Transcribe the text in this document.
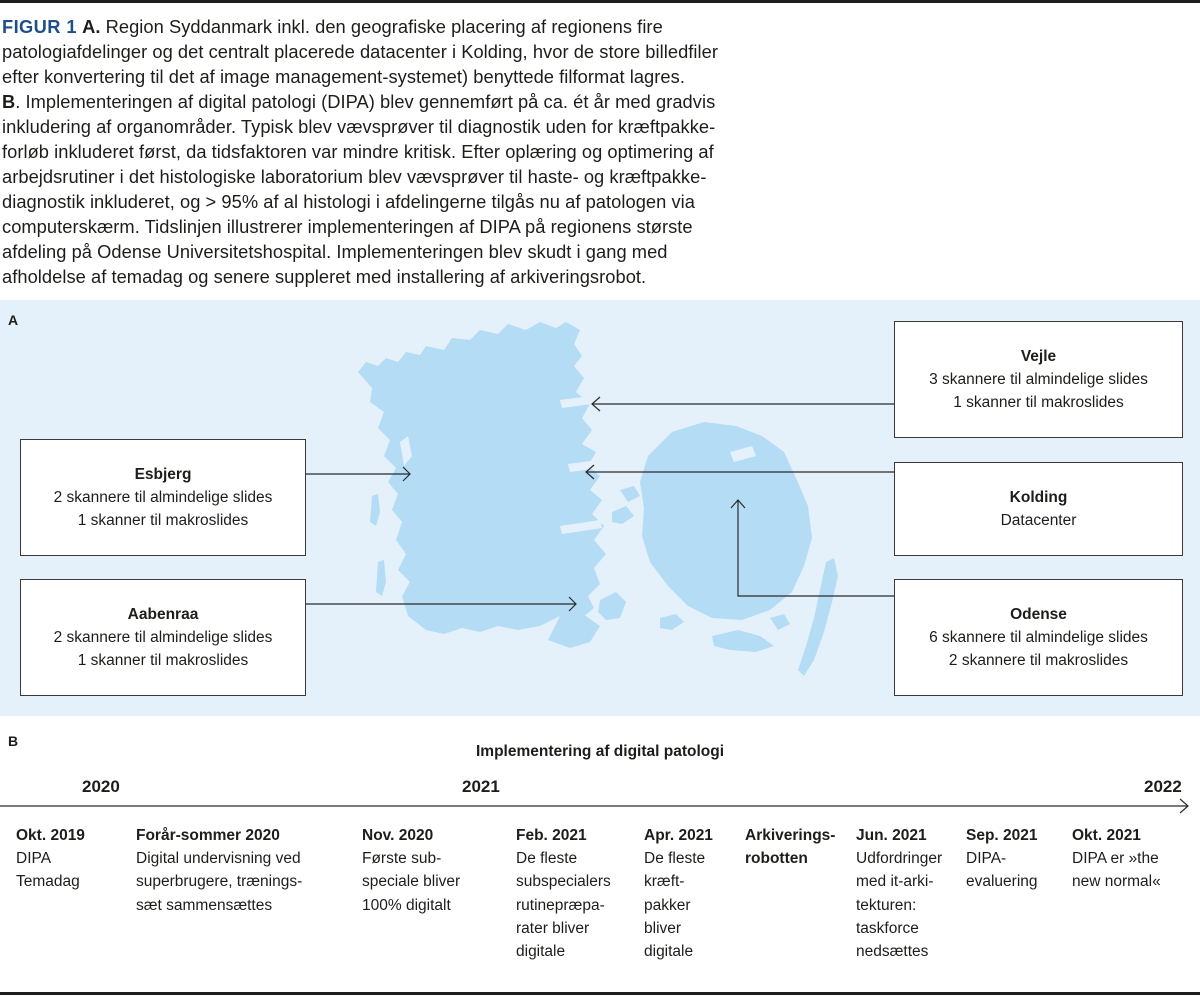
FIGUR 1 A. Region Syddanmark inkl. den geografiske placering af regionens fire
patologiafdelinger og det centralt placerede datacenter i Kolding, hvor de store billedfiler
efter konvertering til det af image management-systemet) benyttede filformat lagres.
B. Implementeringen af digital patologi (DIPA) blev gennemført på ca. ét år med gradvis
inkludering af organområder. Typisk blev vævsprøver til diagnostik uden for kræftpakke-
forløb inkluderet først, da tidsfaktoren var mindre kritisk. Efter oplæring og optimering af
arbejdsrutiner i det histologiske laboratorium blev vævsprøver til haste- og kræftpakke-
diagnostik inkluderet, og > 95% af al histologi i afdelingerne tilgås nu af patologen via
computerskærm. Tidslinjen illustrerer implementeringen af DIPA på regionens største
afdeling på Odense Universitetshospital. Implementeringen blev skudt i gang med
afholdelse af temadag og senere suppleret med installering af arkiveringsrobot.
A
Vejle
3 skannere til almindelige slides
1 skanner til makroslides
Esbjerg
2 skannere til almindelige slides
1 skanner til makroslides
Kolding
Datacenter
Aabenraa
2 skannere til almindelige slides
1 skanner til makroslides
Odense
6 skannere til almindelige slides
2 skannere til makroslides
B
Implementering af digital patologi
2020	2021	2022
Okt. 2019
DIPA
Temadag
Forår-sommer 2020
Digital undervisning ved
superbrugere, trænings-
sæt sammensættes
Nov. 2020
Første sub-
speciale bliver
100% digitalt
Feb. 2021
De fleste
subspecialers
rutinepræpa-
rater bliver
digitale
Apr. 2021
De fleste
kræft-
pakker
bliver
digitale
Arkiverings-
robotten
Jun. 2021
Udfordringer
med it-arki-
tekturen:
taskforce
nedsættes
Sep. 2021
DIPA-
evaluering
Okt. 2021
DIPA er »the
new normal«
